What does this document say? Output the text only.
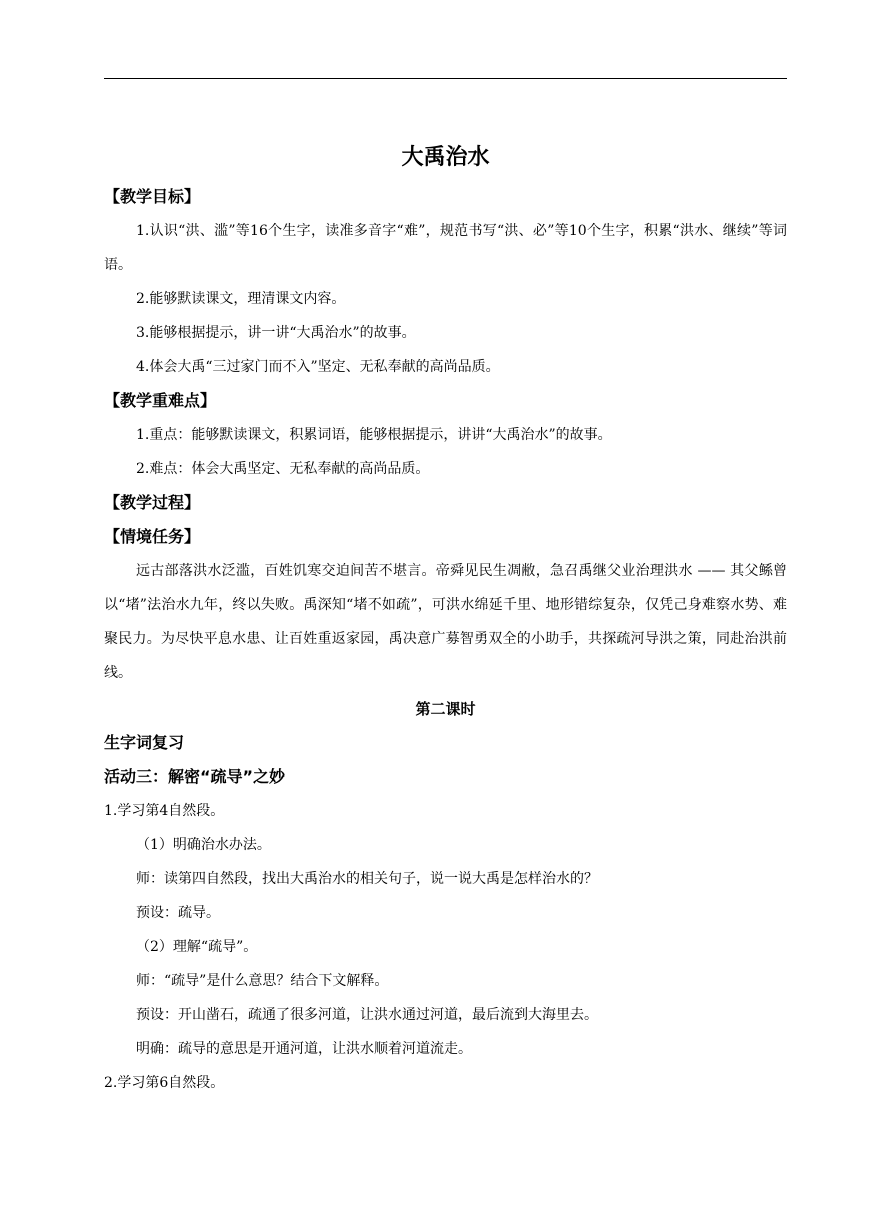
大禹治水
【教学目标】
1.认识“洪、滥”等16个生字，读准多音字“难”，规范书写“洪、必”等10个生字，积累“洪水、继续”等词语。
2.能够默读课文，理清课文内容。
3.能够根据提示，讲一讲“大禹治水”的故事。
4.体会大禹“三过家门而不入”坚定、无私奉献的高尚品质。
【教学重难点】
1.重点：能够默读课文，积累词语，能够根据提示，讲讲“大禹治水”的故事。
2.难点：体会大禹坚定、无私奉献的高尚品质。
【教学过程】
【情境任务】
远古部落洪水泛滥，百姓饥寒交迫间苦不堪言。帝舜见民生凋敝，急召禹继父业治理洪水 —— 其父鲧曾以“堵”法治水九年，终以失败。禹深知“堵不如疏”，可洪水绵延千里、地形错综复杂，仅凭己身难察水势、难聚民力。为尽快平息水患、让百姓重返家园，禹决意广募智勇双全的小助手，共探疏河导洪之策，同赴治洪前线。
第二课时
生字词复习
活动三：解密“疏导”之妙
1.学习第4自然段。
（1）明确治水办法。
师：读第四自然段，找出大禹治水的相关句子，说一说大禹是怎样治水的？
预设：疏导。
（2）理解“疏导”。
师：“疏导”是什么意思？结合下文解释。
预设：开山凿石，疏通了很多河道，让洪水通过河道，最后流到大海里去。
明确：疏导的意思是开通河道，让洪水顺着河道流走。
2.学习第6自然段。
